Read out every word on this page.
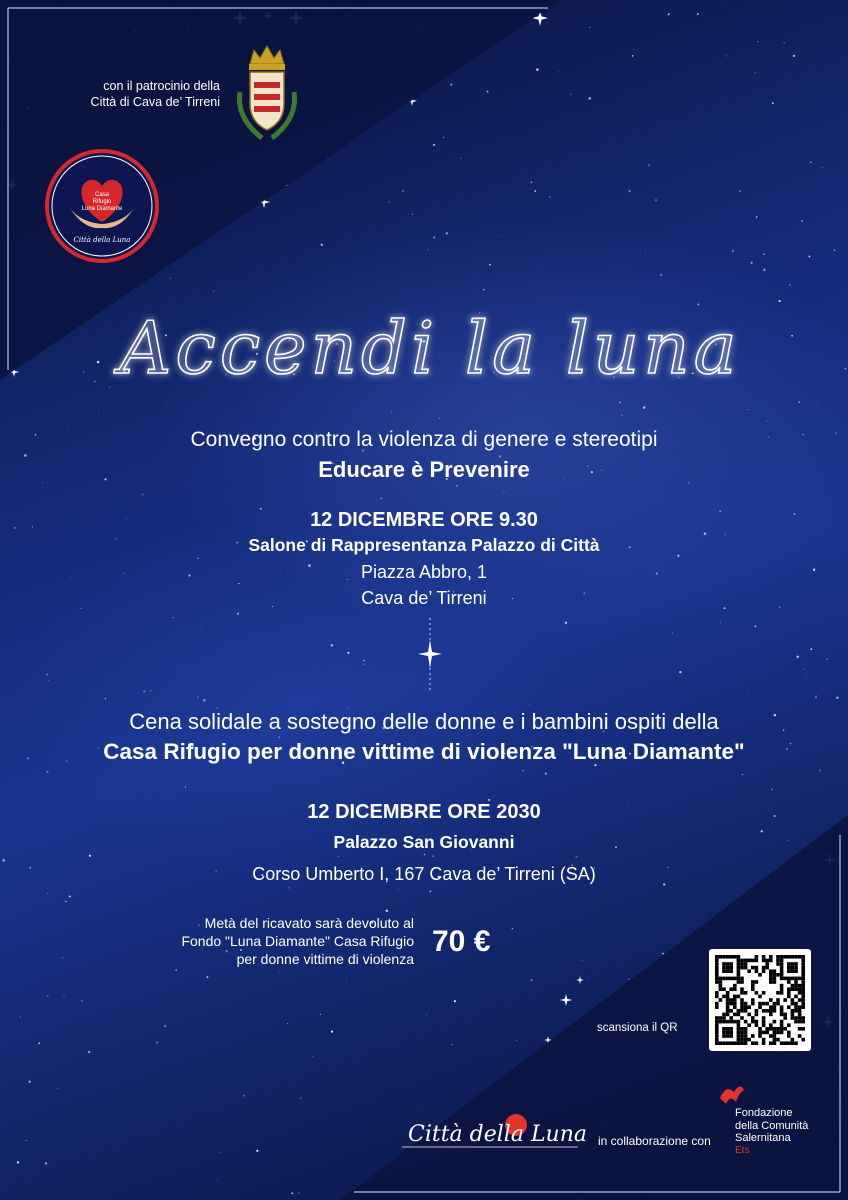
con il patrocinio della
Città di Cava de’ Tirreni
Casa
Rifugio
Luna Diamante
Città della Luna
Accendi la luna
Convegno contro la violenza di genere e stereotipi
Educare è Prevenire
12 DICEMBRE ORE 9.30
Salone di Rappresentanza Palazzo di Città
Piazza Abbro, 1
Cava de’ Tirreni
Cena solidale a sostegno delle donne e i bambini ospiti della
Casa Rifugio per donne vittime di violenza "Luna Diamante"
12 DICEMBRE ORE 2030
Palazzo San Giovanni
Corso Umberto I, 167 Cava de’ Tirreni (SA)
Metà del ricavato sarà devoluto al
Fondo "Luna Diamante" Casa Rifugio
per donne vittime di violenza
70 €
scansiona il QR
Città della Luna in collaborazione con
Fondazione
della Comunità
Salernitana
Ets
